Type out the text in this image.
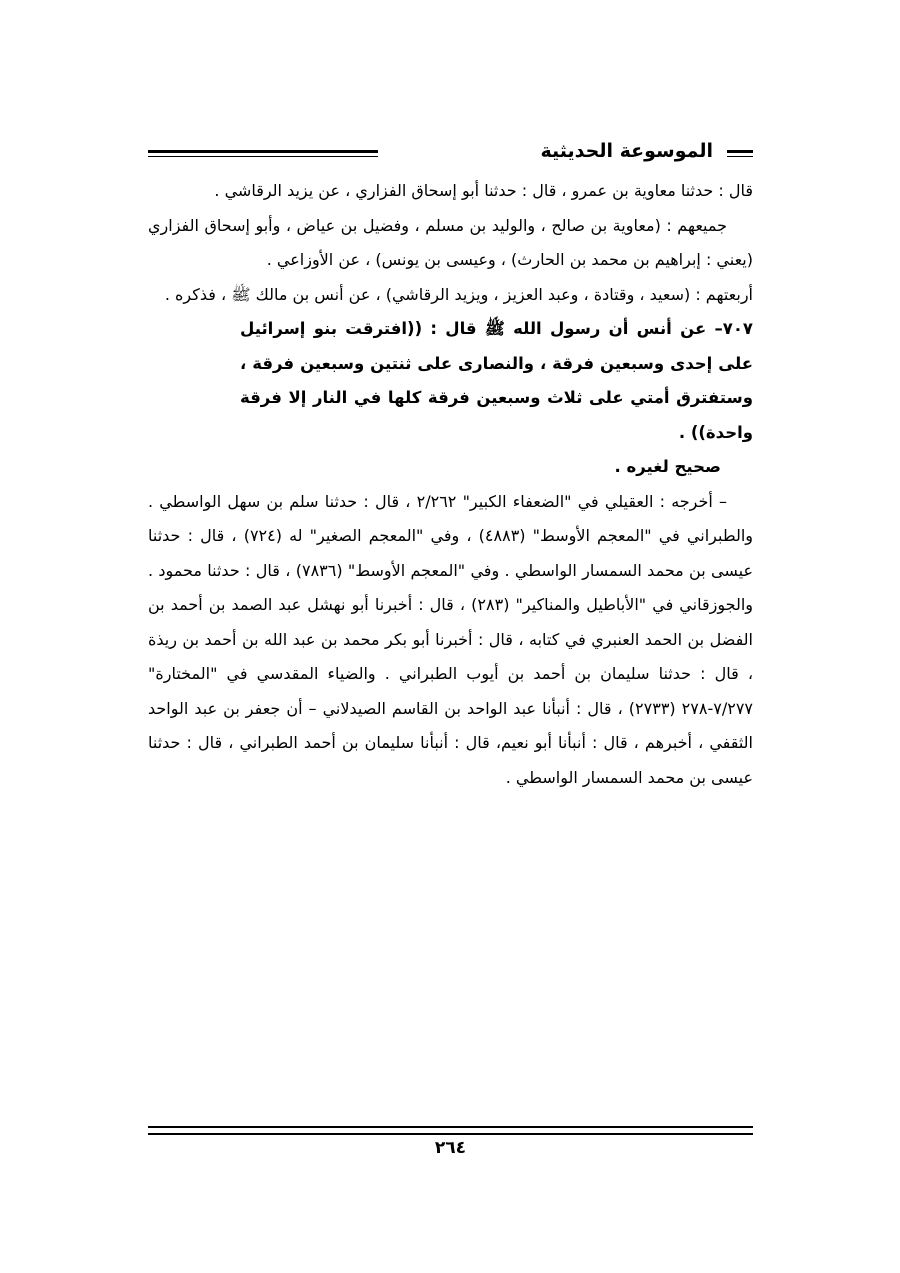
الموسوعة الحديثية

قال : حدثنا معاوية بن عمرو ، قال : حدثنا أبو إسحاق الفزاري ، عن يزيد الرقاشي .

جميعهم : (معاوية بن صالح ، والوليد بن مسلم ، وفضيل بن عياض ، وأبو إسحاق الفزاري (يعني : إبراهيم بن محمد بن الحارث) ، وعيسى بن يونس) ، عن الأوزاعي .

أربعتهم : (سعيد ، وقتادة ، وعبد العزيز ، ويزيد الرقاشي) ، عن أنس بن مالك ﷺ ، فذكره .

٧٠٧– عن أنس أن رسول الله ﷺ قال : ((افترقت بنو إسرائيل على إحدى وسبعين فرقة ، والنصارى على ثنتين وسبعين فرقة ، وستفترق أمتي على ثلاث وسبعين فرقة كلها في النار إلا فرقة واحدة)) .

صحيح لغيره .

– أخرجه : العقيلي في "الضعفاء الكبير" ٢/٢٦٢ ، قال : حدثنا سلم بن سهل الواسطي . والطبراني في "المعجم الأوسط" (٤٨٨٣) ، وفي "المعجم الصغير" له (٧٢٤) ، قال : حدثنا عيسى بن محمد السمسار الواسطي . وفي "المعجم الأوسط" (٧٨٣٦) ، قال : حدثنا محمود . والجوزقاني في "الأباطيل والمناكير" (٢٨٣) ، قال : أخبرنا أبو نهشل عبد الصمد بن أحمد بن الفضل بن الحمد العنبري في كتابه ، قال : أخبرنا أبو بكر محمد بن عبد الله بن أحمد بن ريذة ، قال : حدثنا سليمان بن أحمد بن أيوب الطبراني . والضياء المقدسي في "المختارة" ٧/٢٧٧-٢٧٨ (٢٧٣٣) ، قال : أنبأنا عبد الواحد بن القاسم الصيدلاني – أن جعفر بن عبد الواحد الثقفي ، أخبرهم ، قال : أنبأنا أبو نعيم، قال : أنبأنا سليمان بن أحمد الطبراني ، قال : حدثنا عيسى بن محمد السمسار الواسطي .

٢٦٤
